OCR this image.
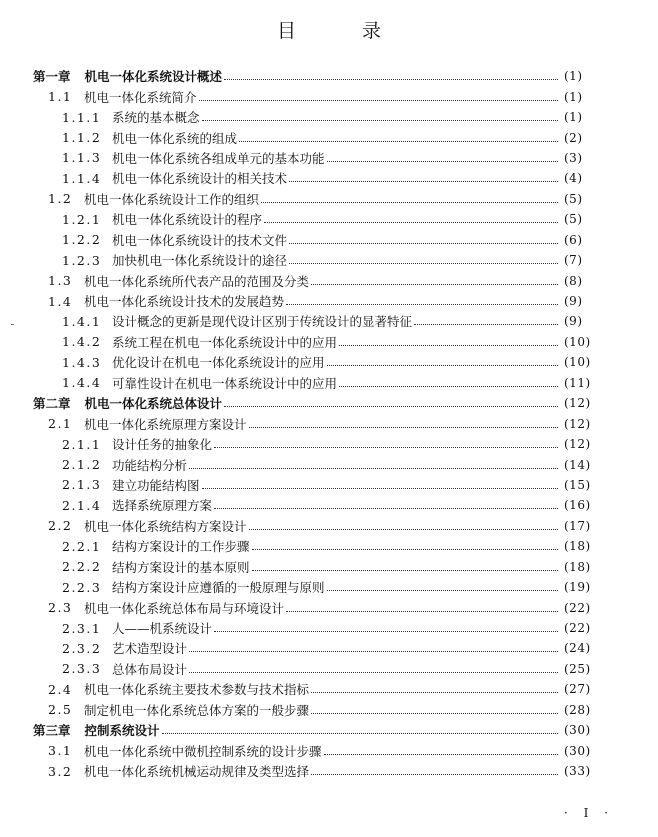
目 录
第一章 机电一体化系统设计概述	(1)
1.1 机电一体化系统简介	(1)
1.1.1 系统的基本概念	(1)
1.1.2 机电一体化系统的组成	(2)
1.1.3 机电一体化系统各组成单元的基本功能	(3)
1.1.4 机电一体化系统设计的相关技术	(4)
1.2 机电一体化系统设计工作的组织	(5)
1.2.1 机电一体化系统设计的程序	(5)
1.2.2 机电一体化系统设计的技术文件	(6)
1.2.3 加快机电一体化系统设计的途径	(7)
1.3 机电一体化系统所代表产品的范围及分类	(8)
1.4 机电一体化系统设计技术的发展趋势	(9)
1.4.1 设计概念的更新是现代设计区别于传统设计的显著特征	(9)
1.4.2 系统工程在机电一体化系统设计中的应用	(10)
1.4.3 优化设计在机电一体化系统设计的应用	(10)
1.4.4 可靠性设计在机电一体系统设计中的应用	(11)
第二章 机电一体化系统总体设计	(12)
2.1 机电一体化系统原理方案设计	(12)
2.1.1 设计任务的抽象化	(12)
2.1.2 功能结构分析	(14)
2.1.3 建立功能结构图	(15)
2.1.4 选择系统原理方案	(16)
2.2 机电一体化系统结构方案设计	(17)
2.2.1 结构方案设计的工作步骤	(18)
2.2.2 结构方案设计的基本原则	(18)
2.2.3 结构方案设计应遵循的一般原理与原则	(19)
2.3 机电一体化系统总体布局与环境设计	(22)
2.3.1 人——机系统设计	(22)
2.3.2 艺术造型设计	(24)
2.3.3 总体布局设计	(25)
2.4 机电一体化系统主要技术参数与技术指标	(27)
2.5 制定机电一体化系统总体方案的一般步骤	(28)
第三章 控制系统设计	(30)
3.1 机电一体化系统中微机控制系统的设计步骤	(30)
3.2 机电一体化系统机械运动规律及类型选择	(33)
· I ·
